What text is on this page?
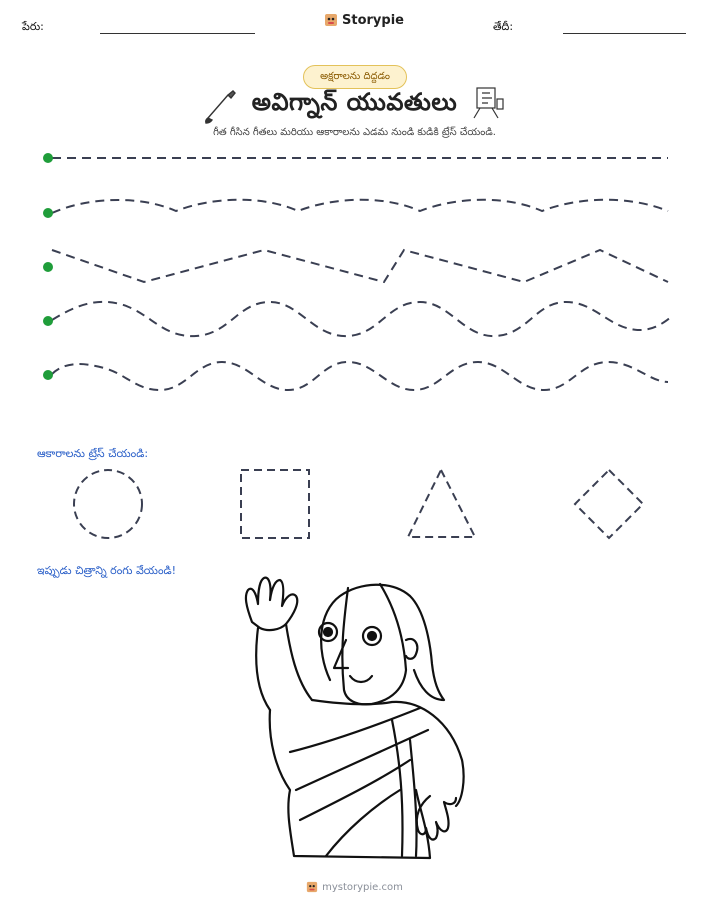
పేరు:	Storypie	తేదీ:
అక్షరాలను దిద్దడం
అవిగ్నాన్ యువతులు
గీత గీసిన గీతలు మరియు ఆకారాలను ఎడమ నుండి కుడికి ట్రేస్ చేయండి.
ఆకారాలను ట్రేస్ చేయండి:
ఇప్పుడు చిత్రాన్ని రంగు వేయండి!
mystorypie.com
